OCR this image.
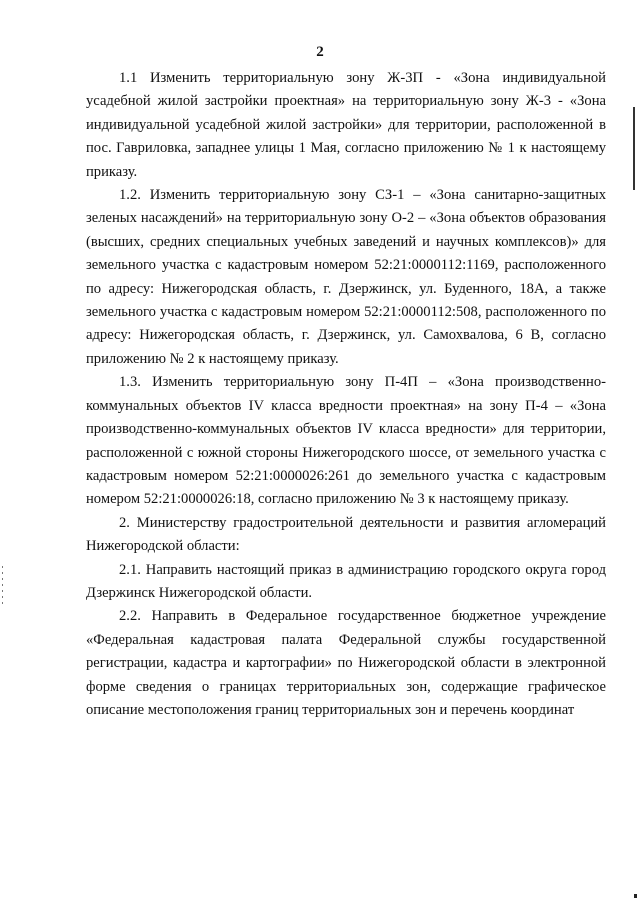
2

1.1 Изменить территориальную зону Ж-3П - «Зона индивидуальной усадебной жилой застройки проектная» на территориальную зону Ж-3 - «Зона индивидуальной усадебной жилой застройки» для территории, расположенной в пос. Гавриловка, западнее улицы 1 Мая, согласно приложению № 1 к настоящему приказу.

1.2. Изменить территориальную зону СЗ-1 – «Зона санитарно-защитных зеленых насаждений» на территориальную зону О-2 – «Зона объектов образования (высших, средних специальных учебных заведений и научных комплексов)» для земельного участка с кадастровым номером 52:21:0000112:1169, расположенного по адресу: Нижегородская область, г. Дзержинск, ул. Буденного, 18А, а также земельного участка с кадастровым номером 52:21:0000112:508, расположенного по адресу: Нижегородская область, г. Дзержинск, ул. Самохвалова, 6 В, согласно приложению № 2 к настоящему приказу.

1.3. Изменить территориальную зону П-4П – «Зона производственно-коммунальных объектов IV класса вредности проектная» на зону П-4 – «Зона производственно-коммунальных объектов IV класса вредности» для территории, расположенной с южной стороны Нижегородского шоссе, от земельного участка с кадастровым номером 52:21:0000026:261 до земельного участка с кадастровым номером 52:21:0000026:18, согласно приложению № 3 к настоящему приказу.

2. Министерству градостроительной деятельности и развития агломераций Нижегородской области:

2.1. Направить настоящий приказ в администрацию городского округа город Дзержинск Нижегородской области.

2.2. Направить в Федеральное государственное бюджетное учреждение «Федеральная кадастровая палата Федеральной службы государственной регистрации, кадастра и картографии» по Нижегородской области в электронной форме сведения о границах территориальных зон, содержащие графическое описание местоположения границ территориальных зон и перечень координат
